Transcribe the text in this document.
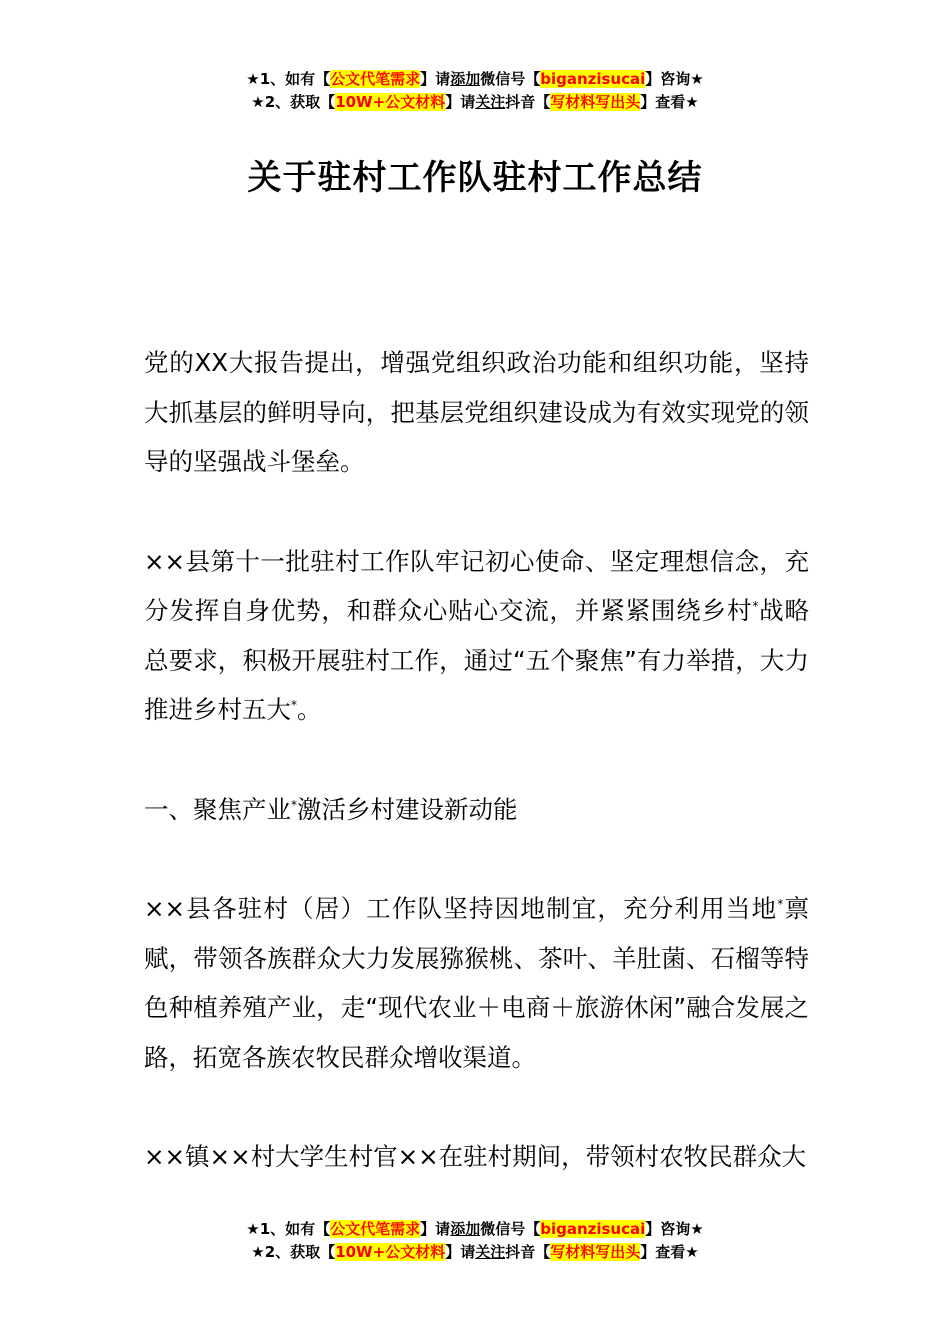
★1、如有【公文代笔需求】请添加微信号【biganzisucai】咨询★
★2、获取【10W+公文材料】请关注抖音【写材料写出头】查看★
关于驻村工作队驻村工作总结

党的XX大报告提出，增强党组织政治功能和组织功能，坚持大抓基层的鲜明导向，把基层党组织建设成为有效实现党的领导的坚强战斗堡垒。

××县第十一批驻村工作队牢记初心使命、坚定理想信念，充分发挥自身优势，和群众心贴心交流，并紧紧围绕乡村*战略总要求，积极开展驻村工作，通过“五个聚焦”有力举措，大力推进乡村五大*。

一、聚焦产业*激活乡村建设新动能

××县各驻村（居）工作队坚持因地制宜，充分利用当地*禀赋，带领各族群众大力发展猕猴桃、茶叶、羊肚菌、石榴等特色种植养殖产业，走“现代农业＋电商＋旅游休闲”融合发展之路，拓宽各族农牧民群众增收渠道。

××镇××村大学生村官××在驻村期间，带领村农牧民群众大

★1、如有【公文代笔需求】请添加微信号【biganzisucai】咨询★
★2、获取【10W+公文材料】请关注抖音【写材料写出头】查看★
